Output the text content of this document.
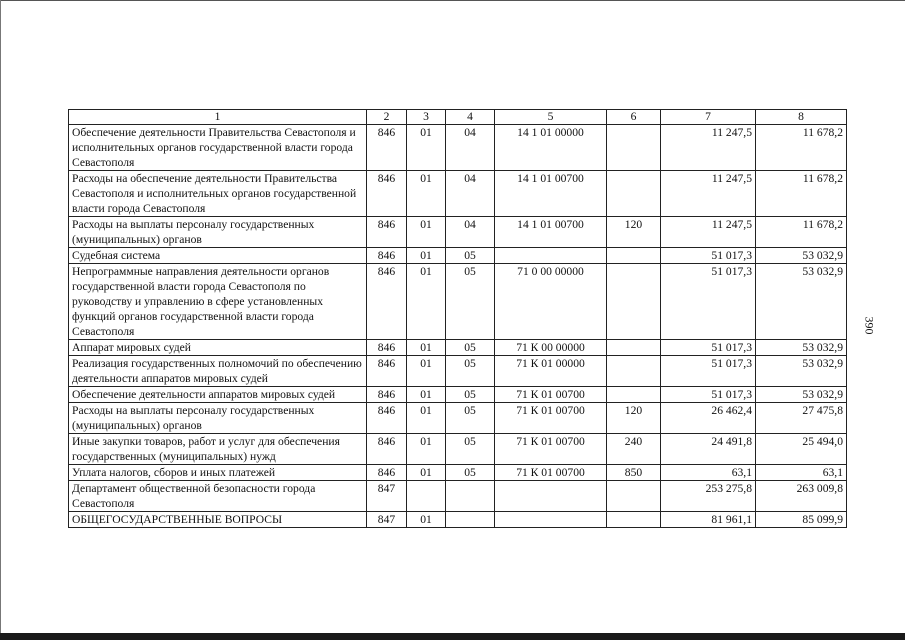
390
1	2	3	4	5	6	7	8
Обеспечение деятельности Правительства Севастополя и исполнительных органов государственной власти города Севастополя	846	01	04	14 1 01 00000		11 247,5	11 678,2
Расходы на обеспечение деятельности Правительства Севастополя и исполнительных органов государственной власти города Севастополя	846	01	04	14 1 01 00700		11 247,5	11 678,2
Расходы на выплаты персоналу государственных (муниципальных) органов	846	01	04	14 1 01 00700	120	11 247,5	11 678,2
Судебная система	846	01	05			51 017,3	53 032,9
Непрограммные направления деятельности органов государственной власти города Севастополя по руководству и управлению в сфере установленных функций органов государственной власти города Севастополя	846	01	05	71 0 00 00000		51 017,3	53 032,9
Аппарат мировых судей	846	01	05	71 К 00 00000		51 017,3	53 032,9
Реализация государственных полномочий по обеспечению деятельности аппаратов мировых судей	846	01	05	71 К 01 00000		51 017,3	53 032,9
Обеспечение деятельности аппаратов мировых судей	846	01	05	71 К 01 00700		51 017,3	53 032,9
Расходы на выплаты персоналу государственных (муниципальных) органов	846	01	05	71 К 01 00700	120	26 462,4	27 475,8
Иные закупки товаров, работ и услуг для обеспечения государственных (муниципальных) нужд	846	01	05	71 К 01 00700	240	24 491,8	25 494,0
Уплата налогов, сборов и иных платежей	846	01	05	71 К 01 00700	850	63,1	63,1
Департамент общественной безопасности города Севастополя	847					253 275,8	263 009,8
ОБЩЕГОСУДАРСТВЕННЫЕ ВОПРОСЫ	847	01				81 961,1	85 099,9
